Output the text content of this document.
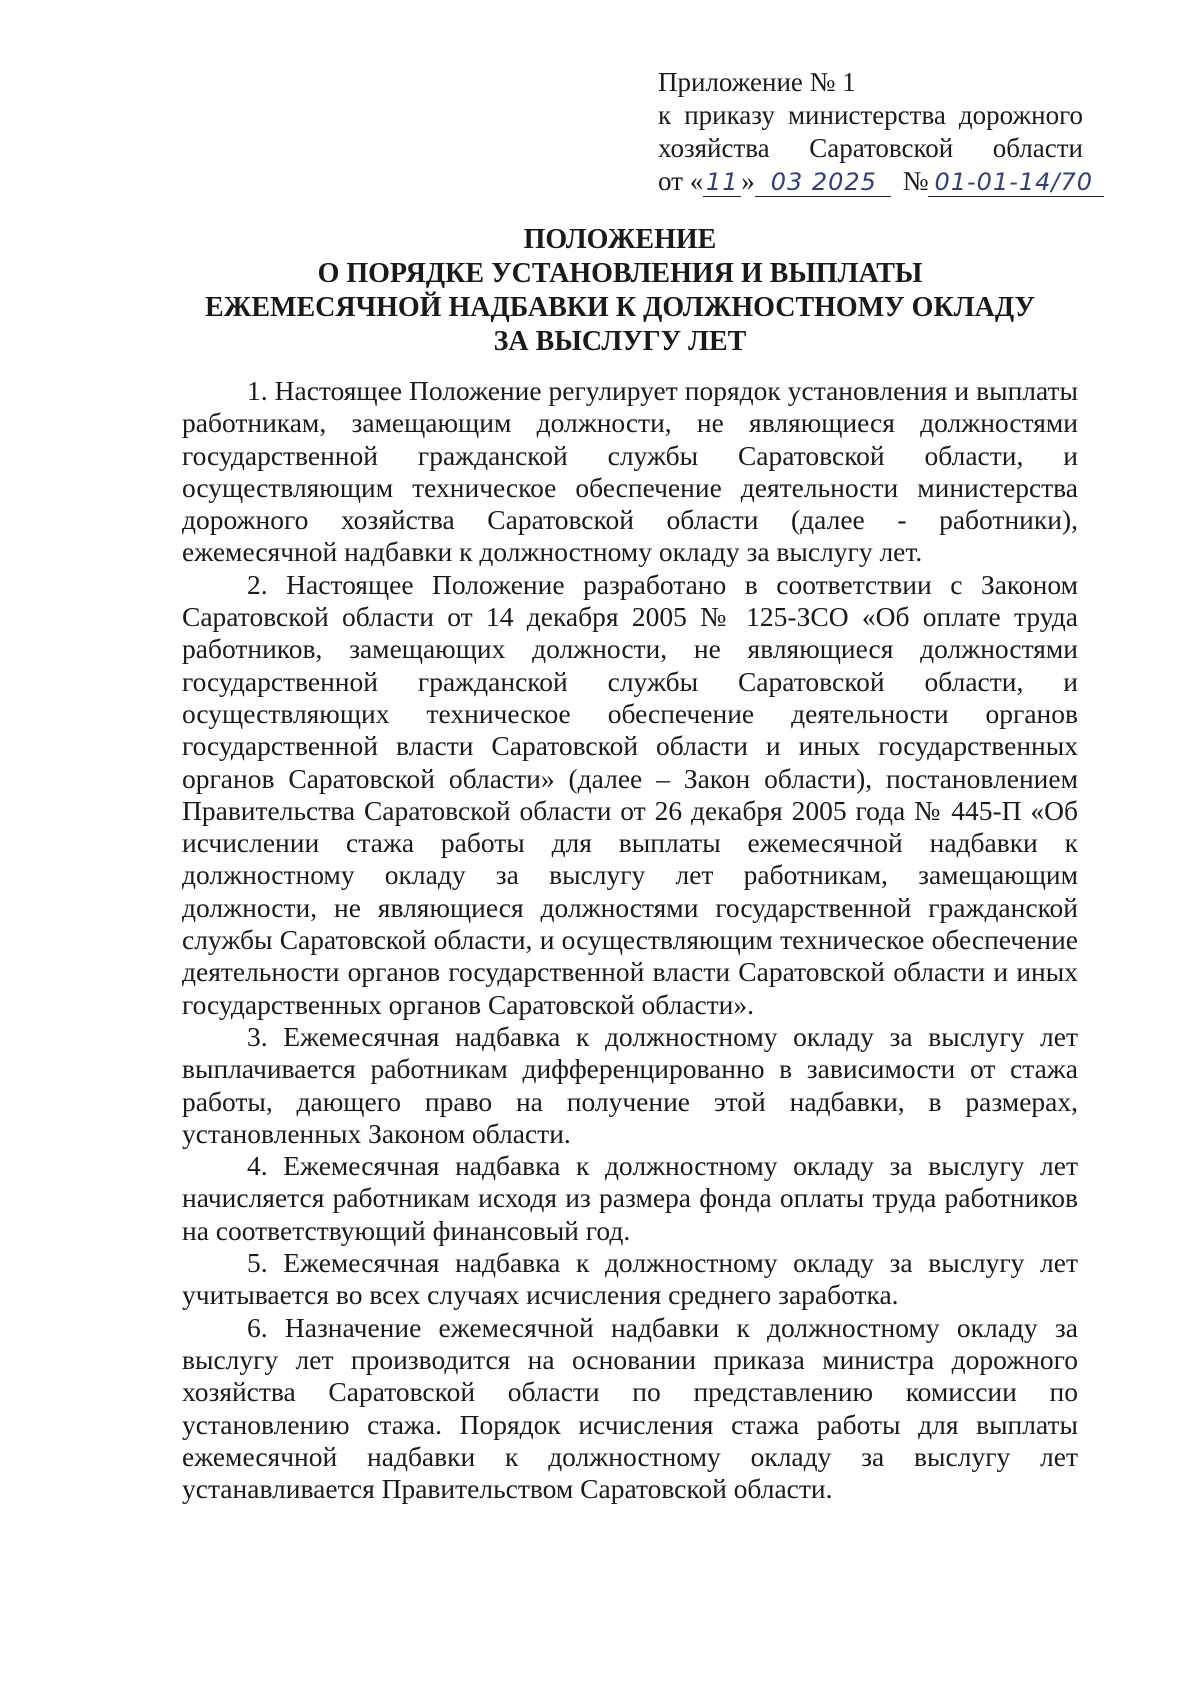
Приложение № 1
к приказу министерства дорожного
хозяйства Саратовской области
от « 11 » 03 2025 № 01-01-14/70
ПОЛОЖЕНИЕ
О ПОРЯДКЕ УСТАНОВЛЕНИЯ И ВЫПЛАТЫ
ЕЖЕМЕСЯЧНОЙ НАДБАВКИ К ДОЛЖНОСТНОМУ ОКЛАДУ
ЗА ВЫСЛУГУ ЛЕТ

1. Настоящее Положение регулирует порядок установления и выплаты работникам, замещающим должности, не являющиеся должностями государственной гражданской службы Саратовской области, и осуществляющим техническое обеспечение деятельности министерства дорожного хозяйства Саратовской области (далее - работники), ежемесячной надбавки к должностному окладу за выслугу лет.

2. Настоящее Положение разработано в соответствии с Законом Саратовской области от 14 декабря 2005 № 125-ЗСО «Об оплате труда работников, замещающих должности, не являющиеся должностями государственной гражданской службы Саратовской области, и осуществляющих техническое обеспечение деятельности органов государственной власти Саратовской области и иных государственных органов Саратовской области» (далее – Закон области), постановлением Правительства Саратовской области от 26 декабря 2005 года № 445-П «Об исчислении стажа работы для выплаты ежемесячной надбавки к должностному окладу за выслугу лет работникам, замещающим должности, не являющиеся должностями государственной гражданской службы Саратовской области, и осуществляющим техническое обеспечение деятельности органов государственной власти Саратовской области и иных государственных органов Саратовской области».

3. Ежемесячная надбавка к должностному окладу за выслугу лет выплачивается работникам дифференцированно в зависимости от стажа работы, дающего право на получение этой надбавки, в размерах, установленных Законом области.

4. Ежемесячная надбавка к должностному окладу за выслугу лет начисляется работникам исходя из размера фонда оплаты труда работников на соответствующий финансовый год.

5. Ежемесячная надбавка к должностному окладу за выслугу лет учитывается во всех случаях исчисления среднего заработка.

6. Назначение ежемесячной надбавки к должностному окладу за выслугу лет производится на основании приказа министра дорожного хозяйства Саратовской области по представлению комиссии по установлению стажа. Порядок исчисления стажа работы для выплаты ежемесячной надбавки к должностному окладу за выслугу лет устанавливается Правительством Саратовской области.
